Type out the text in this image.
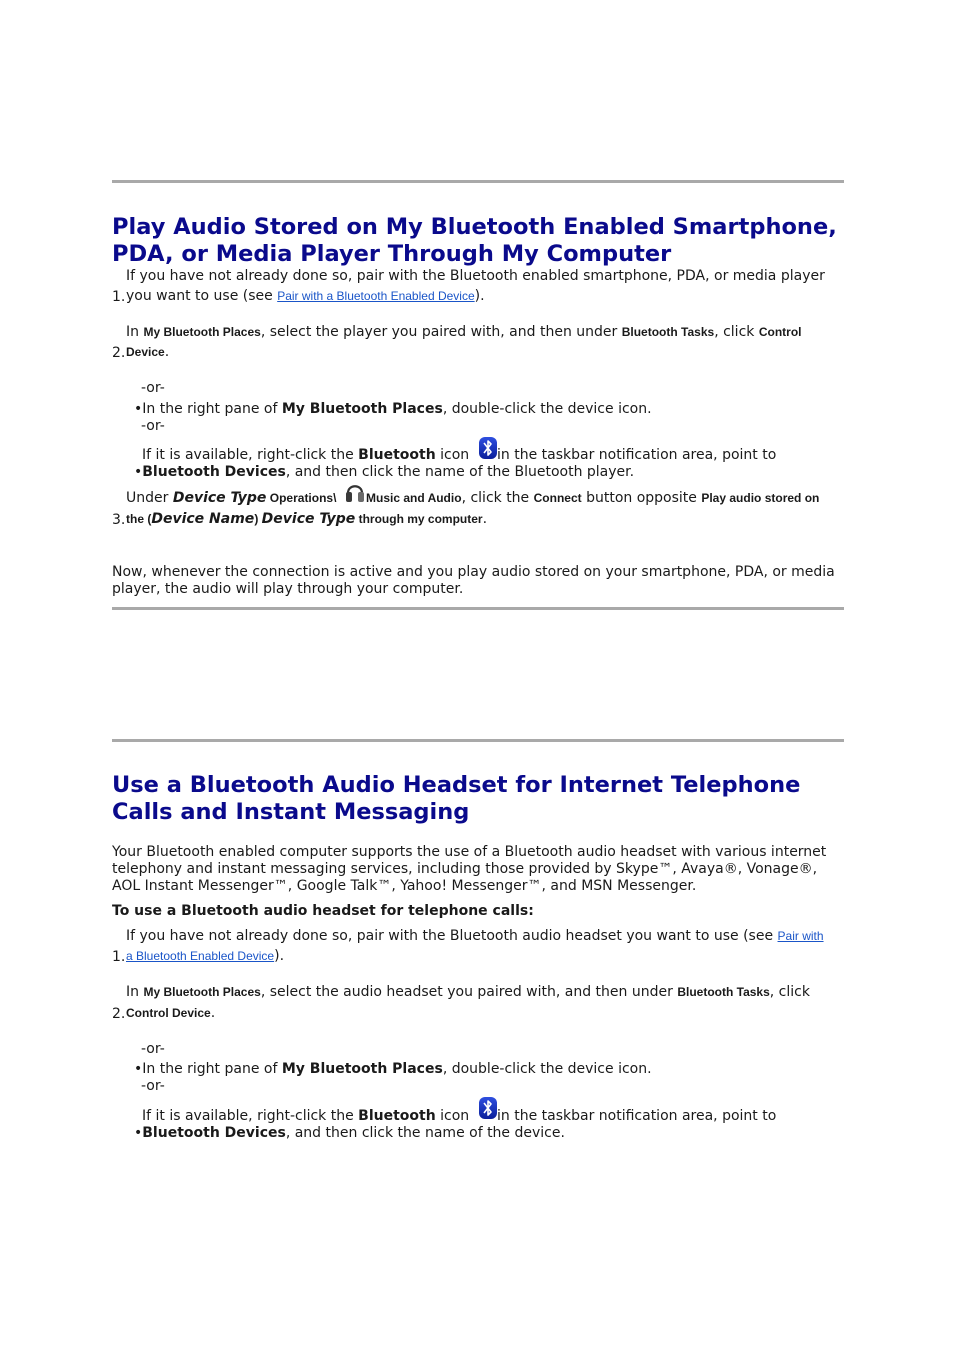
Play Audio Stored on My Bluetooth Enabled Smartphone, PDA, or Media Player Through My Computer
If you have not already done so, pair with the Bluetooth enabled smartphone, PDA, or media player
1. you want to use (see Pair with a Bluetooth Enabled Device).
In My Bluetooth Places, select the player you paired with, and then under Bluetooth Tasks, click Control
2. Device.
-or-
•In the right pane of My Bluetooth Places, double-click the device icon.
-or-
If it is available, right-click the Bluetooth icon in the taskbar notification area, point to
•Bluetooth Devices, and then click the name of the Bluetooth player.
Under Device Type Operations\ Music and Audio, click the Connect button opposite Play audio stored on
3. the (Device Name) Device Type through my computer.
Now, whenever the connection is active and you play audio stored on your smartphone, PDA, or media
player, the audio will play through your computer.
Use a Bluetooth Audio Headset for Internet Telephone Calls and Instant Messaging
Your Bluetooth enabled computer supports the use of a Bluetooth audio headset with various internet
telephony and instant messaging services, including those provided by Skype™, Avaya®, Vonage®,
AOL Instant Messenger™, Google Talk™, Yahoo! Messenger™, and MSN Messenger.
To use a Bluetooth audio headset for telephone calls:
If you have not already done so, pair with the Bluetooth audio headset you want to use (see Pair with
1. a Bluetooth Enabled Device).
In My Bluetooth Places, select the audio headset you paired with, and then under Bluetooth Tasks, click
2. Control Device.
-or-
•In the right pane of My Bluetooth Places, double-click the device icon.
-or-
If it is available, right-click the Bluetooth icon in the taskbar notification area, point to
•Bluetooth Devices, and then click the name of the device.
